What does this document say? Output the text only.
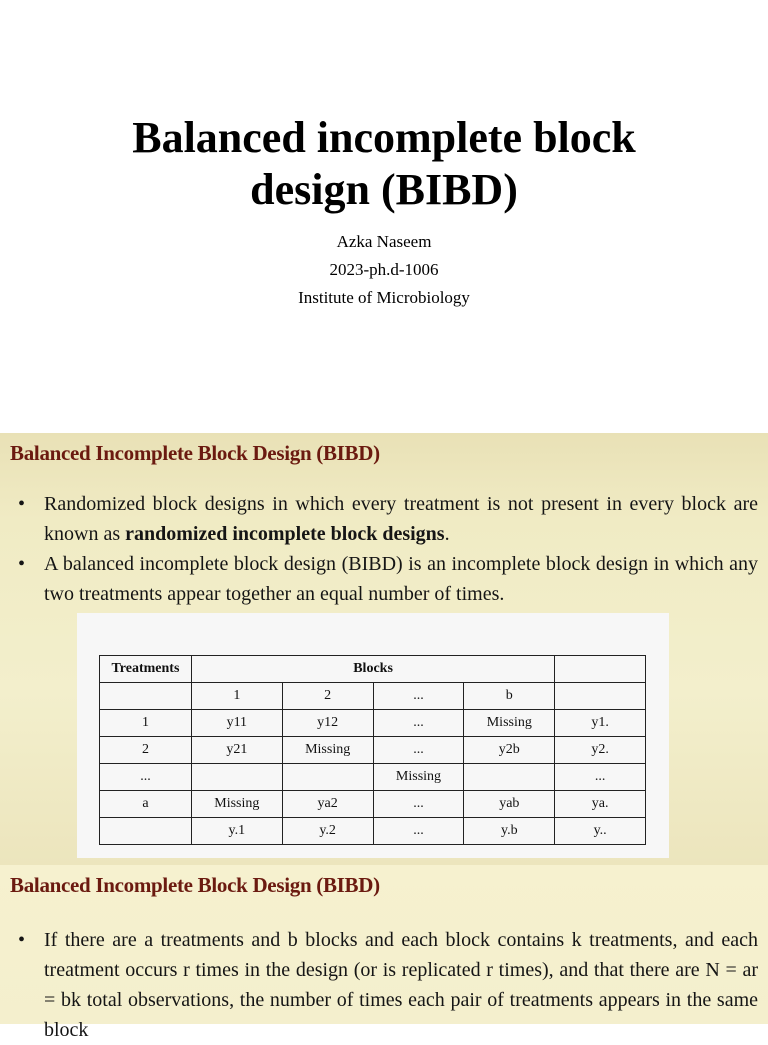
Balanced incomplete block
design (BIBD)
Azka Naseem
2023-ph.d-1006
Institute of Microbiology
Balanced Incomplete Block Design (BIBD)
• Randomized block designs in which every treatment is not present in every block are known as randomized incomplete block designs.
• A balanced incomplete block design (BIBD) is an incomplete block design in which any two treatments appear together an equal number of times.
Treatments	Blocks				
	1	2	...	b	
1	y11	y12	...	Missing	y1.
2	y21	Missing	...	y2b	y2.
...			Missing		...
a	Missing	ya2	...	yab	ya.
	y.1	y.2	...	y.b	y..
Balanced Incomplete Block Design (BIBD)
• If there are a treatments and b blocks and each block contains k treatments, and each treatment occurs r times in the design (or is replicated r times), and that there are N = ar = bk total observations, the number of times each pair of treatments appears in the same block
